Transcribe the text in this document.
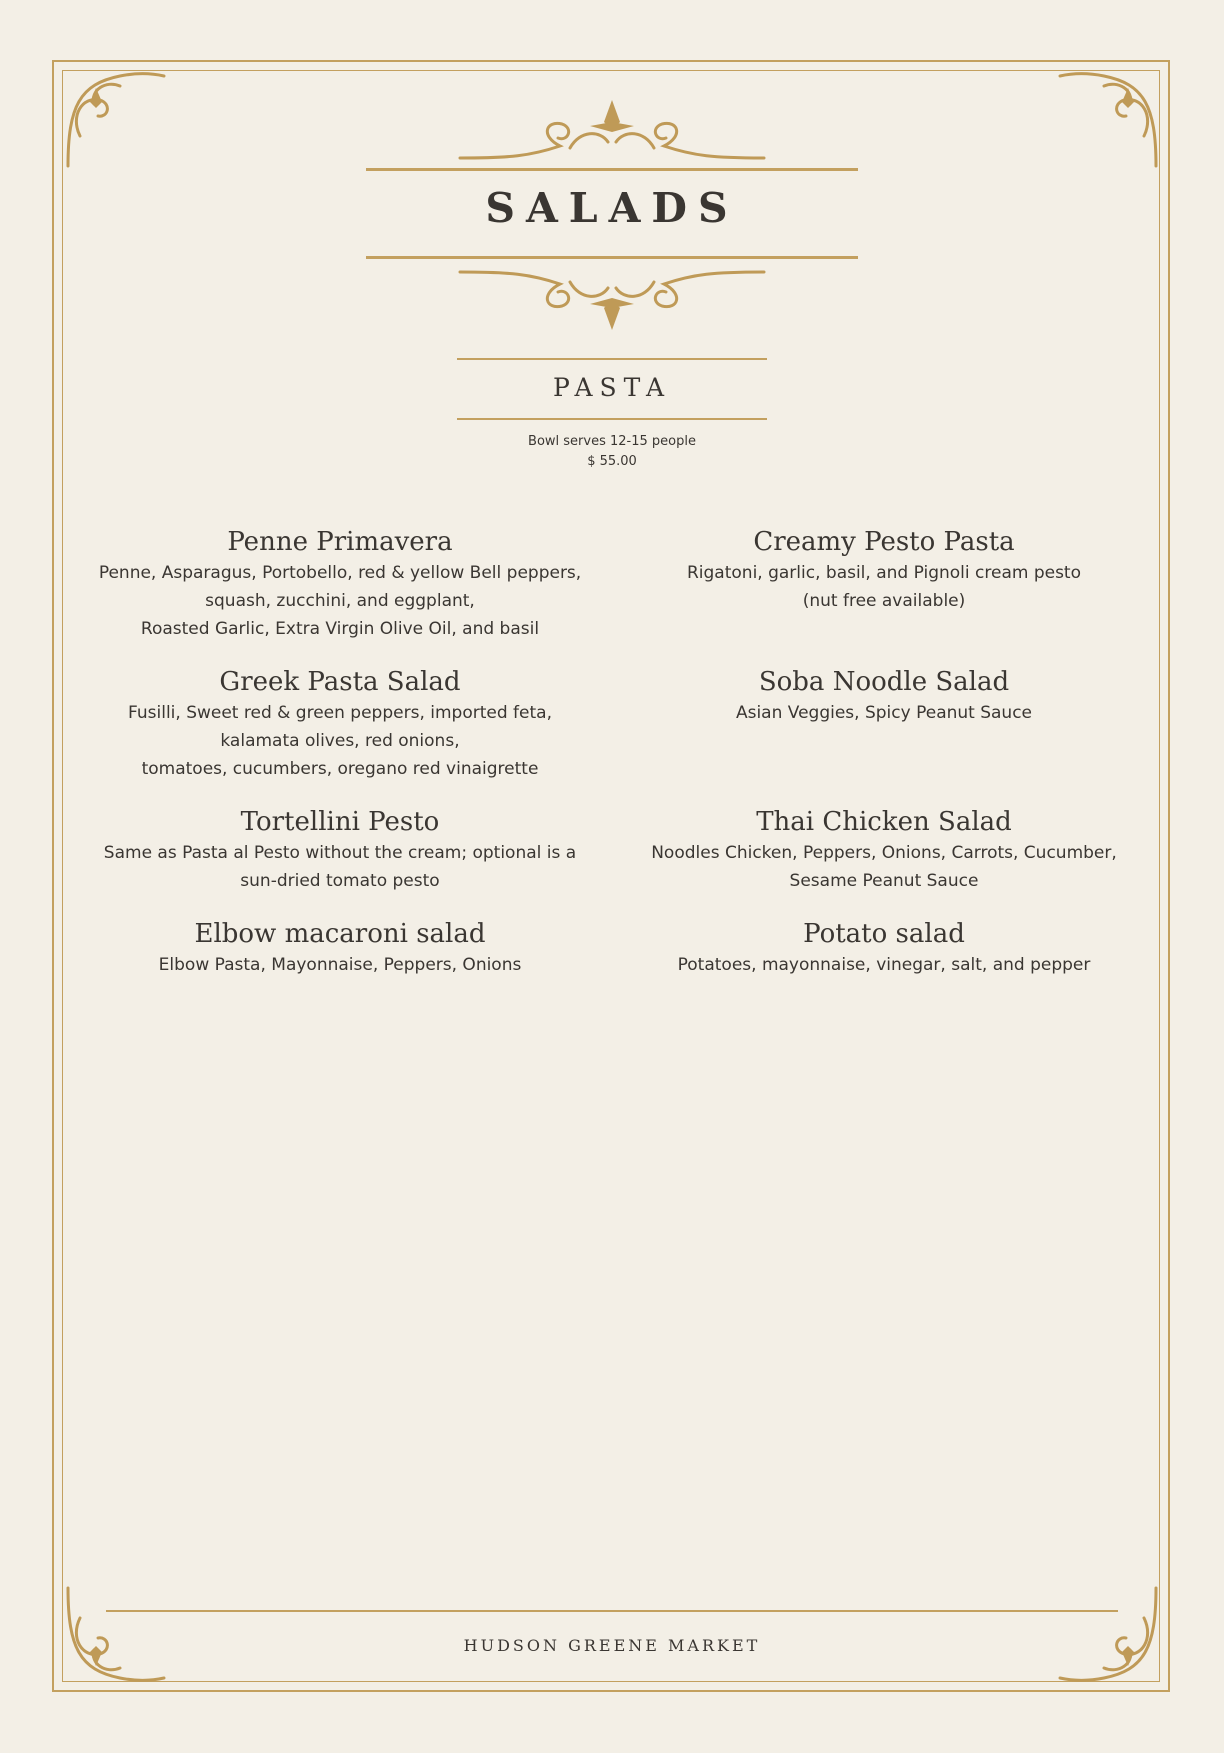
SALADS
PASTA
Bowl serves 12-15 people
$ 55.00
Penne Primavera

Penne, Asparagus, Portobello, red & yellow Bell peppers,
squash, zucchini, and eggplant,
Roasted Garlic, Extra Virgin Olive Oil, and basil

Greek Pasta Salad

Fusilli, Sweet red & green peppers, imported feta,
kalamata olives, red onions,
tomatoes, cucumbers, oregano red vinaigrette

Tortellini Pesto

Same as Pasta al Pesto without the cream; optional is a
sun-dried tomato pesto

Elbow macaroni salad

Elbow Pasta, Mayonnaise, Peppers, Onions

Creamy Pesto Pasta

Rigatoni, garlic, basil, and Pignoli cream pesto
(nut free available)

Soba Noodle Salad

Asian Veggies, Spicy Peanut Sauce

Thai Chicken Salad

Noodles Chicken, Peppers, Onions, Carrots, Cucumber,
Sesame Peanut Sauce

Potato salad

Potatoes, mayonnaise, vinegar, salt, and pepper

HUDSON GREENE MARKET
